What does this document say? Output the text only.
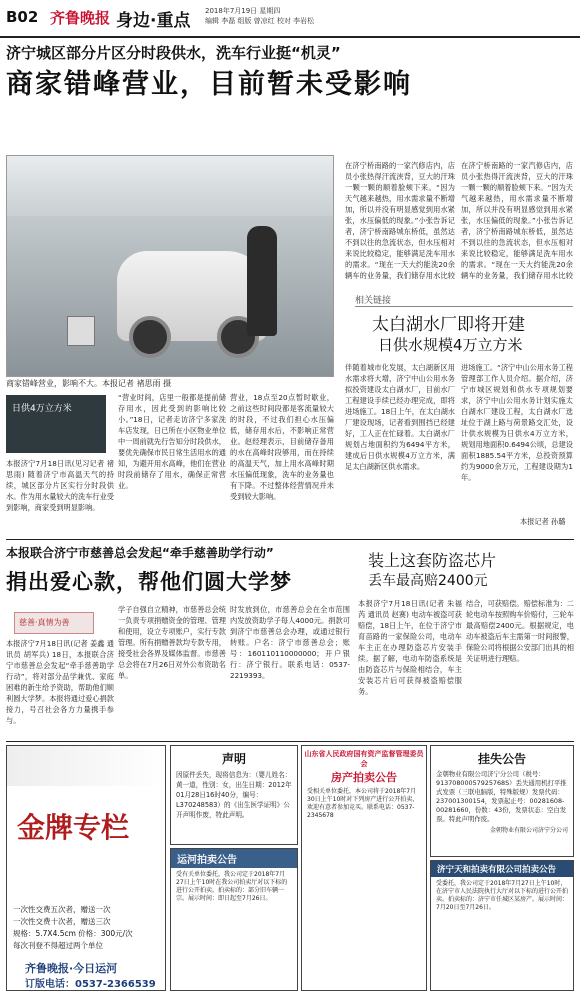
B02 齐鲁晚报 身边·重点 2018年7月19日 星期四
编辑 李磊 组版 曾凉红 校对 李岩松
济宁城区部分片区分时段供水，洗车行业挺“机灵”
商家错峰营业，目前暂未受影响
商家错峰营业，影响不大。本报记者 褚思雨 摄
在济宁桥南路的一家汽修店内，店员小张热得汗流浃背，豆大的汗珠一颗一颗的顺着脸颊下来。“因为天气越来越热，用水需求量不断增加，所以并没有明显感觉到用水紧张，水压偏低的现象。”小张告诉记者，济宁桥南路城东桥低，虽然达不到以往的急流状态，但水压相对来说比较稳定，能够满足洗车用水的需求。“现在一天大约能洗20余辆车的业务量，我们储存用水比较
在济宁桥南路的一家汽修店内，店员小张热得汗流浃背，豆大的汗珠一颗一颗的顺着脸颊下来。“因为天气越来越热，用水需求量不断增加，所以并没有明显感觉到用水紧张，水压偏低的现象。”小张告诉记者，济宁桥南路城东桥低，虽然达不到以往的急流状态，但水压相对来说比较稳定，能够满足洗车用水的需求。“现在一天大约能洗20余辆车的业务量，我们储存用水比较
日供4万立方米
本报济宁7月18日讯(见习记者 褚思雨) 随着济宁市高温天气的持续，城区部分片区实行分时段供水。作为用水量较大的洗车行业受到影响，商家受到明显影响。
“营业时间，店里一般都是提前储存用水，因此受到的影响比较小。”18日，记者走访济宁多家洗车店发现，日已所在小区物业单位中一周前就先行告知分时段供水，要优先确保市民日常生活用水的通知，为避开用水高峰，他们在营业时段前储存了用水，确保正常营业。
营业，18点至20点暂时歇业，之前这些时间段都是客流量较大的时段，不过我们担心水压偏低，储存用水后，不影响正常营业。赵经理表示，目前储存备用的水在高峰时段够用，而在持续的高温天气，加上用水高峰时期水压偏低现象，洗车的业务量也有下降。不过整体经营情况并未受到较大影响。
相关链接
太白湖水厂即将开建
日供水规模4万立方米
伴随着城市化发展，太白湖新区用水需求将大增，济宁中山公用水务拟投资建设太白湖水厂，目前水厂工程建设手续已经办理完成，即将进场施工。18日上午，在太白湖水厂建设现场，记者看到围挡已经建好，工人正在忙碌着。太白湖水厂规划占地面积约为6494平方米，建成后日供水规模4万立方米，满足太白湖新区供水需求。
进场施工。“济宁中山公用水务工程管理部工作人员介绍。据介绍，济宁市城区规划和供水专项规划要求，济宁中山公用水务计划实施太白湖水厂建设工程，太白湖水厂选址位于湖上路与荷景路交汇处，设计供水规模为日供水4万立方米，规划用地面积0.6494公顷，总建设面积1885.54平方米，总投资预算约为9000余万元，工程建设期为1年。
本报记者 孙璐
本报联合济宁市慈善总会发起“牵手慈善助学行动”
捐出爱心款，帮他们圆大学梦
慈善·真情为善
本报济宁7月18日讯(记者 姜鑫 通讯员 胡军兵) 18日，本报联合济宁市慈善总会发起“牵手慈善助学行动”，将对部分品学兼优、家庭困难的新生给予资助，帮助他们顺利圆大学梦。本报将通过爱心捐款接力，号召社会各方力量携手参与。
学子自强自立精神，市慈善总会统一负责专项捐赠资金的管理、管理和使用，设立专项账户，实行专款管理。所有捐赠善款均专款专用，接受社会各界及媒体监督。市慈善总会将在7月26日对外公布资助名单。
时发放到位，市慈善总会在全市范围内发放资助学子每人4000元。捐款可到济宁市慈善总会办理，或通过银行转账。户名：济宁市慈善总会；账号：160110110000000；开户银行：济宁银行。联系电话：0537-2219393。
装上这套防盗芯片
丢车最高赔2400元
本报济宁7月18日讯(记者 朱福芮 通讯员 赵赛) 电动车被盗可获赔偿，18日上午，在位于济宁市育苗路的一家保险公司，电动车车主正在办理防盗芯片安装手续。据了解，电动车防盗系统是由防盗芯片与保险相结合，车主安装芯片后可获得被盗赔偿服务。
结合，可获赔偿。赔偿标准为：二轮电动车按照购车价赔付，三轮车最高赔偿2400元。根据规定，电动车被盗后车主需第一时间报警，保险公司将根据公安部门出具的相关证明进行理赔。
金牌专栏
一次性交费五次者，赠送一次
一次性交费十次者，赠送三次
规格：5.7X4.5cm 价格：300元/次
每次刊登不得超过两个单位
齐鲁晚报·今日运河
订版电话：0537-2366539
声明
因原件丢失，现将信息为：（婴儿姓名：黄一道，性别：女，出生日期：2012年01月28日16时40分，编号：L370248583）的《出生医学证明》公开声明作废，特此声明。
运河拍卖公告
受有关单位委托，我公司定于2018年7月27日上午10时在我公司拍卖厅对以下标的进行公开拍卖。拍卖标的：部分旧车辆一宗。展示时间：即日起至7月26日。
山东省人民政府国有资产监督管理委员会
房产拍卖公告
受相关单位委托，本公司将于2018年7月30日上午10时对下列房产进行公开拍卖，欢迎有意者参加竞买。联系电话：0537-2345678
挂失公告
金朝物业有限公司济宁分公司（税号：91370800057925768S）丢失通用机打平推式发票（三联电脑版，特殊版规）发票代码：237001300154，发票起止号：00281608-00281660，份数：43份，发票状态：空白发票。特此声明作废。
金朝物业有限公司济宁分公司
济宁天和拍卖有限公司拍卖公告
受委托，我公司定于2018年7月27日上午10时，在济宁市人民法院执行大厅对以下标的进行公开拍卖。拍卖标的：济宁市任城区某房产。展示时间：7月20日至7月26日。
